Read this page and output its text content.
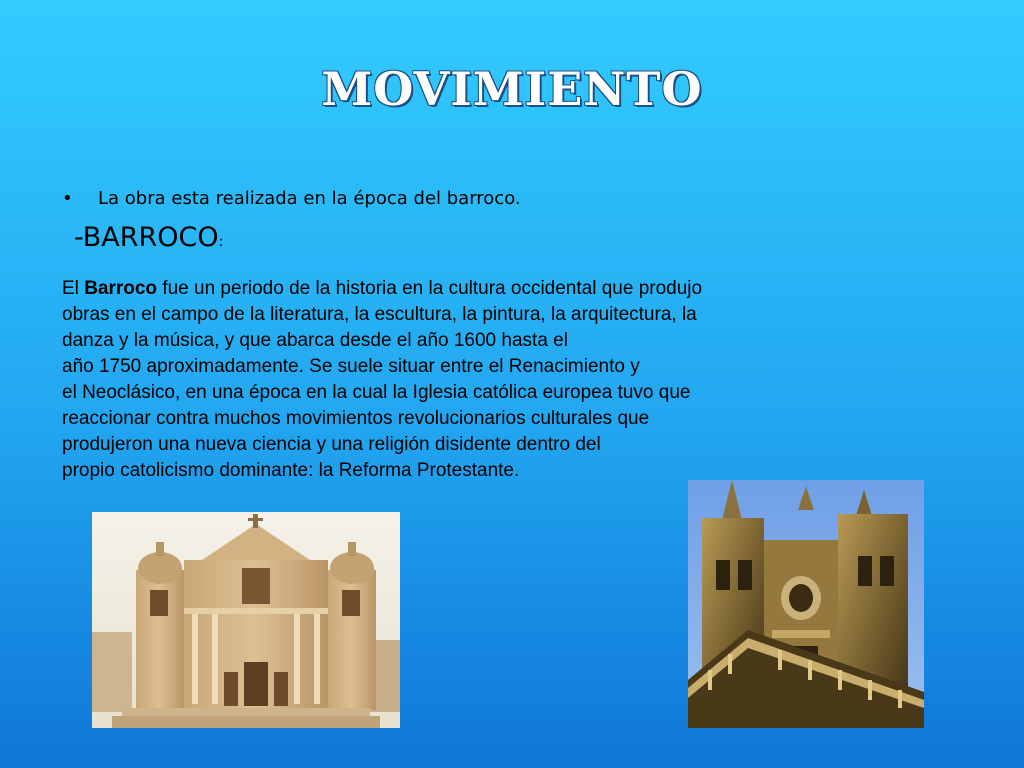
MOVIMIENTO
• La obra esta realizada en la época del barroco.
-BARROCO:
El Barroco fue un periodo de la historia en la cultura occidental que produjo
obras en el campo de la literatura, la escultura, la pintura, la arquitectura, la
danza y la música, y que abarca desde el año 1600 hasta el
año 1750 aproximadamente. Se suele situar entre el Renacimiento y
el Neoclásico, en una época en la cual la Iglesia católica europea tuvo que
reaccionar contra muchos movimientos revolucionarios culturales que
produjeron una nueva ciencia y una religión disidente dentro del
propio catolicismo dominante: la Reforma Protestante.
